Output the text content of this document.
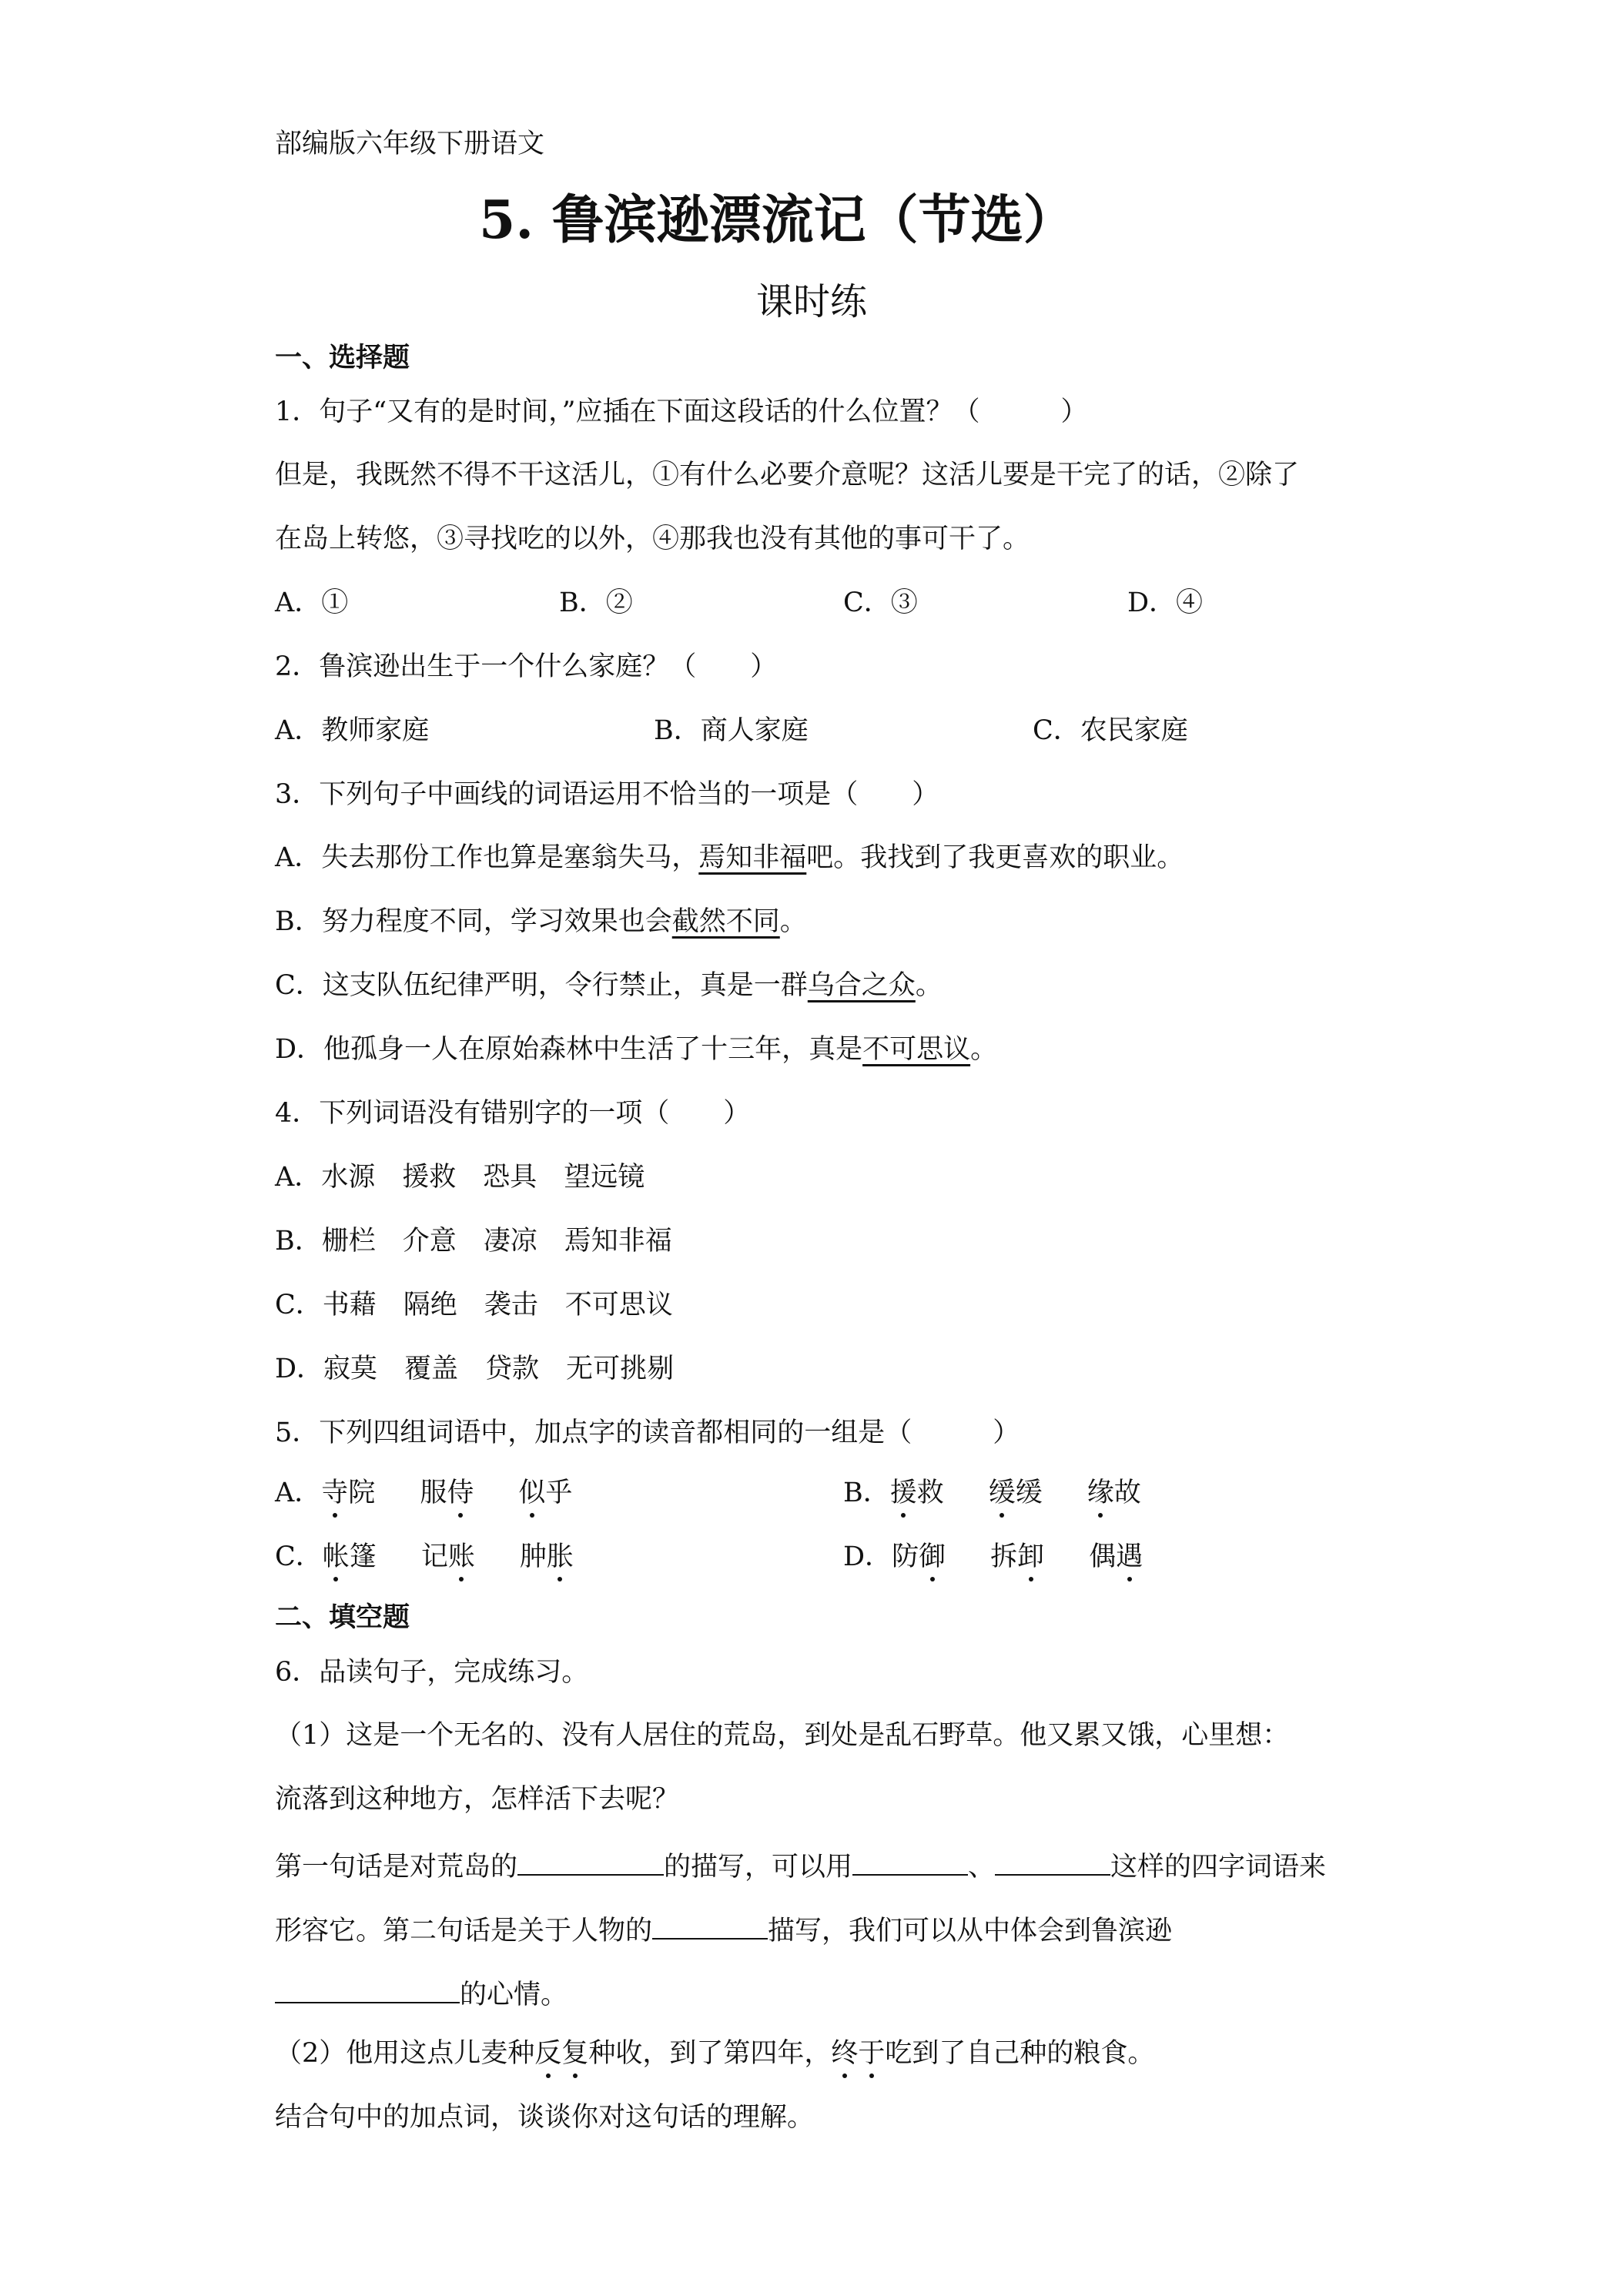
部编版六年级下册语文
5. 鲁滨逊漂流记（节选）
课时练
一、选择题
1．句子“又有的是时间，”应插在下面这段话的什么位置？（　　　）
但是，我既然不得不干这活儿，①有什么必要介意呢？这活儿要是干完了的话，②除了
在岛上转悠，③寻找吃的以外，④那我也没有其他的事可干了。
A．①	B．②	C．③	D．④
2．鲁滨逊出生于一个什么家庭？（　　）
A．教师家庭	B．商人家庭	C．农民家庭
3．下列句子中画线的词语运用不恰当的一项是（　　）
A．失去那份工作也算是塞翁失马，焉知非福吧。我找到了我更喜欢的职业。
B．努力程度不同，学习效果也会截然不同。
C．这支队伍纪律严明，令行禁止，真是一群乌合之众。
D．他孤身一人在原始森林中生活了十三年，真是不可思议。
4．下列词语没有错别字的一项（　　）
A．水源　援救　恐具　望远镜
B．栅栏　介意　凄凉　焉知非福
C．书藉　隔绝　袭击　不可思议
D．寂莫　覆盖　贷款　无可挑剔
5．下列四组词语中，加点字的读音都相同的一组是（　　　）
A．寺院 服侍 似乎	B．援救 缓缓 缘故
C．帐篷 记账 肿胀	D．防御 拆卸 偶遇
二、填空题
6．品读句子，完成练习。
（1）这是一个无名的、没有人居住的荒岛，到处是乱石野草。他又累又饿，心里想：
流落到这种地方，怎样活下去呢？
第一句话是对荒岛的	的描写，可以用	、	这样的四字词语来
形容它。第二句话是关于人物的	描写，我们可以从中体会到鲁滨逊
的心情。
（2）他用这点儿麦种反复种收，到了第四年，终于吃到了自己种的粮食。
结合句中的加点词，谈谈你对这句话的理解。
